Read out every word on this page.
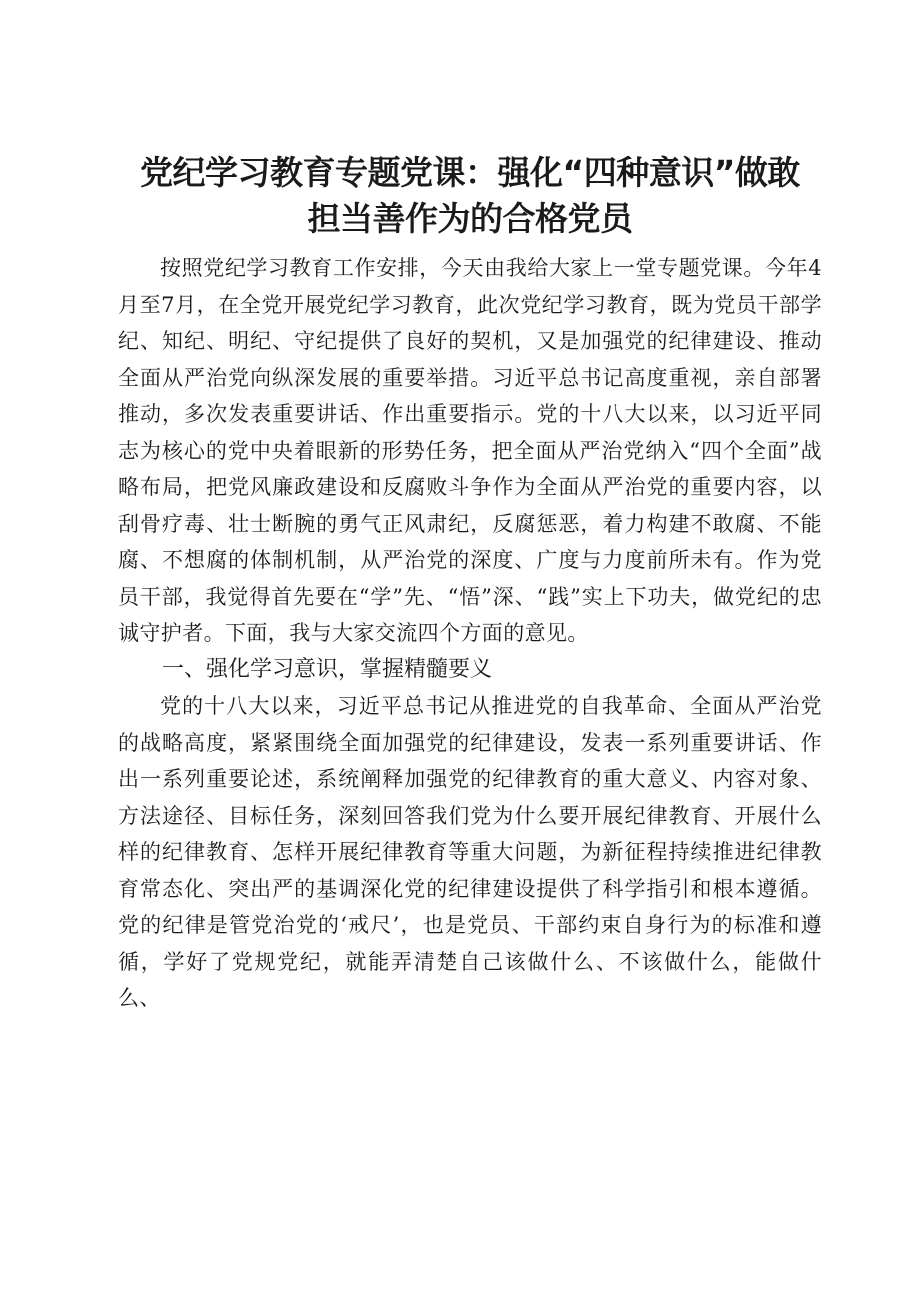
党纪学习教育专题党课：强化“四种意识”做敢
担当善作为的合格党员

按照党纪学习教育工作安排，今天由我给大家上一堂专题党课。今年4月至7月，在全党开展党纪学习教育，此次党纪学习教育，既为党员干部学纪、知纪、明纪、守纪提供了良好的契机，又是加强党的纪律建设、推动全面从严治党向纵深发展的重要举措。习近平总书记高度重视，亲自部署推动，多次发表重要讲话、作出重要指示。党的十八大以来，以习近平同志为核心的党中央着眼新的形势任务，把全面从严治党纳入“四个全面”战略布局，把党风廉政建设和反腐败斗争作为全面从严治党的重要内容，以刮骨疗毒、壮士断腕的勇气正风肃纪，反腐惩恶，着力构建不敢腐、不能腐、不想腐的体制机制，从严治党的深度、广度与力度前所未有。作为党员干部，我觉得首先要在“学”先、“悟”深、“践”实上下功夫，做党纪的忠诚守护者。下面，我与大家交流四个方面的意见。

一、强化学习意识，掌握精髓要义

党的十八大以来，习近平总书记从推进党的自我革命、全面从严治党的战略高度，紧紧围绕全面加强党的纪律建设，发表一系列重要讲话、作出一系列重要论述，系统阐释加强党的纪律教育的重大意义、内容对象、方法途径、目标任务，深刻回答我们党为什么要开展纪律教育、开展什么样的纪律教育、怎样开展纪律教育等重大问题，为新征程持续推进纪律教育常态化、突出严的基调深化党的纪律建设提供了科学指引和根本遵循。党的纪律是管党治党的‘戒尺’，也是党员、干部约束自身行为的标准和遵循，学好了党规党纪，就能弄清楚自己该做什么、不该做什么，能做什么、
